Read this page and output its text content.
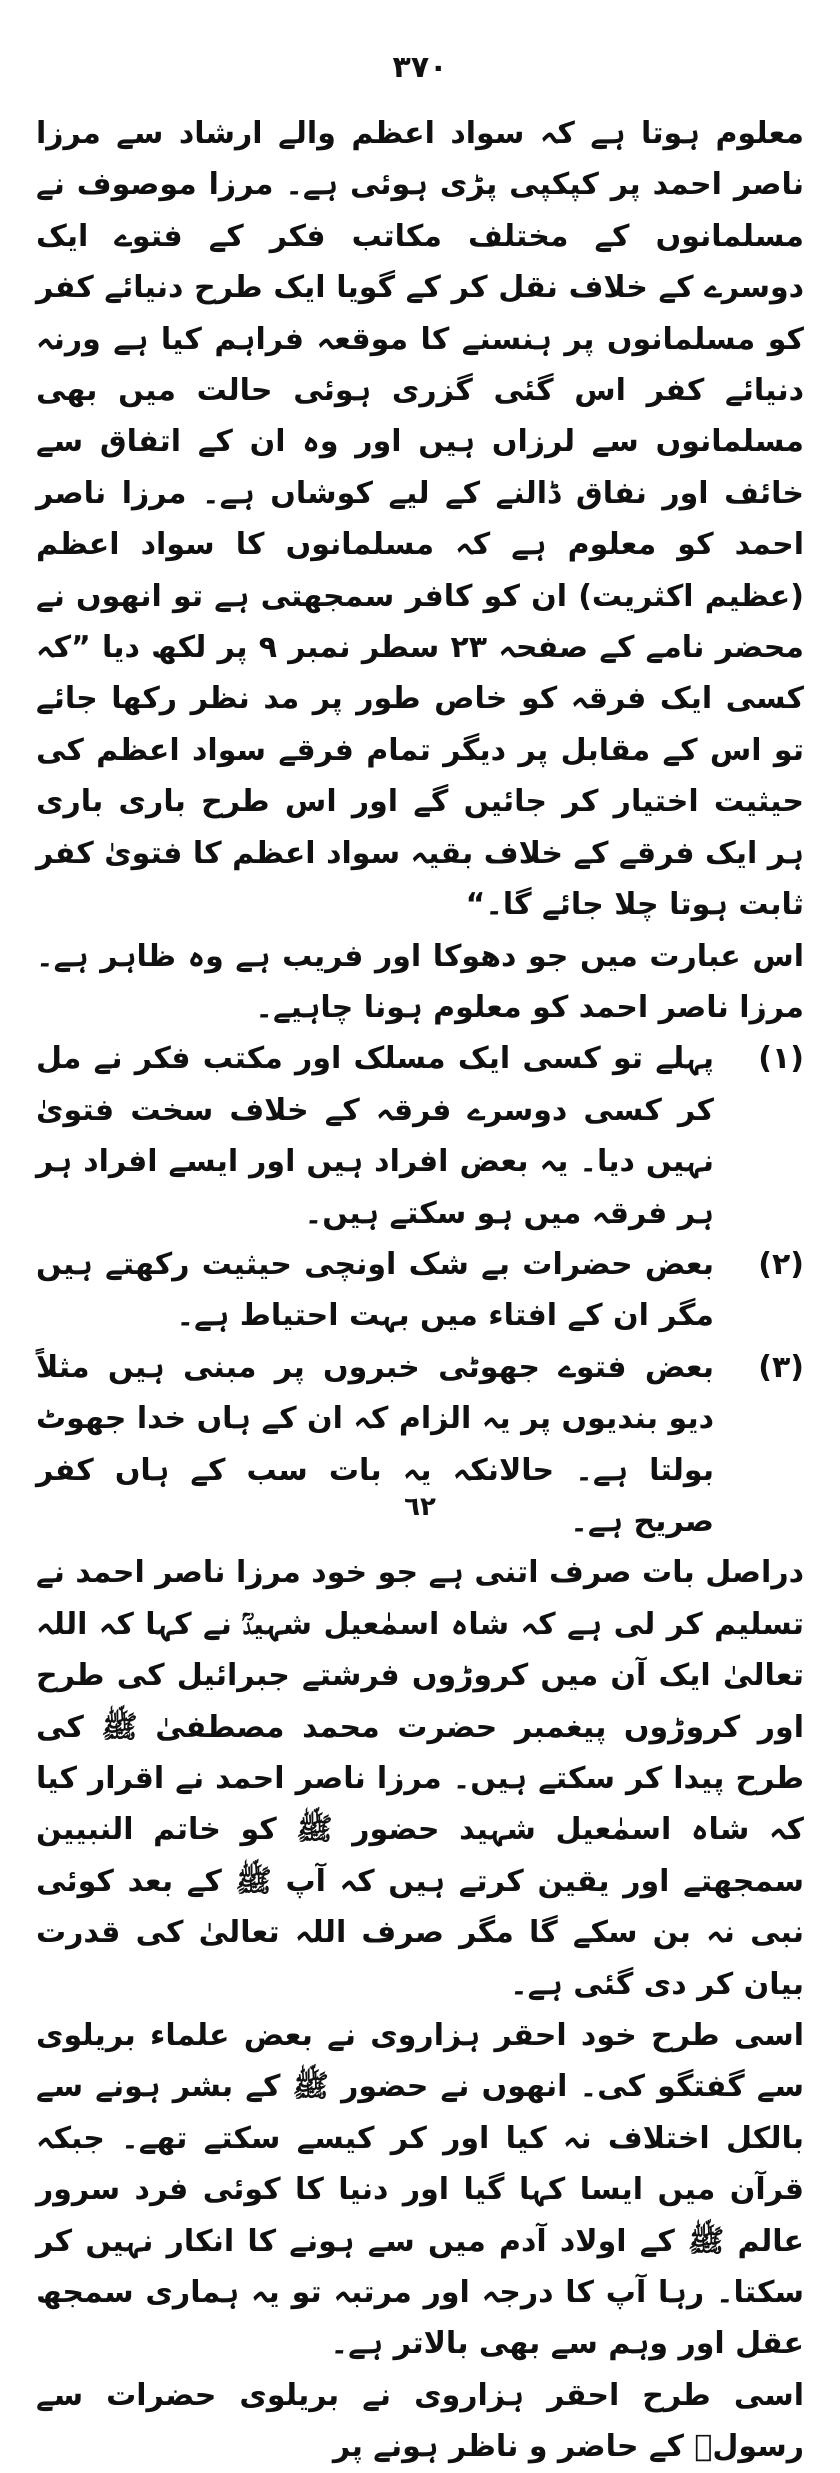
٣٧٠

معلوم ہوتا ہے کہ سواد اعظم والے ارشاد سے مرزا ناصر احمد پر کپکپی پڑی ہوئی ہے۔ مرزا موصوف نے مسلمانوں کے مختلف مکاتب فکر کے فتوے ایک دوسرے کے خلاف نقل کر کے گویا ایک طرح دنیائے کفر کو مسلمانوں پر ہنسنے کا موقعہ فراہم کیا ہے ورنہ دنیائے کفر اس گئی گزری ہوئی حالت میں بھی مسلمانوں سے لرزاں ہیں اور وہ ان کے اتفاق سے خائف اور نفاق ڈالنے کے لیے کوشاں ہے۔ مرزا ناصر احمد کو معلوم ہے کہ مسلمانوں کا سواد اعظم (عظیم اکثریت) ان کو کافر سمجھتی ہے تو انھوں نے محضر نامے کے صفحہ ۲۳ سطر نمبر ۹ پر لکھ دیا ”کہ کسی ایک فرقہ کو خاص طور پر مد نظر رکھا جائے تو اس کے مقابل پر دیگر تمام فرقے سواد اعظم کی حیثیت اختیار کر جائیں گے اور اس طرح باری باری ہر ایک فرقے کے خلاف بقیہ سواد اعظم کا فتویٰ کفر ثابت ہوتا چلا جائے گا۔“

اس عبارت میں جو دھوکا اور فریب ہے وہ ظاہر ہے۔ مرزا ناصر احمد کو معلوم ہونا چاہیے۔

(۱)
پہلے تو کسی ایک مسلک اور مکتب فکر نے مل کر کسی دوسرے فرقہ کے خلاف سخت فتویٰ نہیں دیا۔ یہ بعض افراد ہیں اور ایسے افراد ہر ہر فرقہ میں ہو سکتے ہیں۔
(۲)
بعض حضرات بے شک اونچی حیثیت رکھتے ہیں مگر ان کے افتاء میں بہت احتیاط ہے۔
(۳)
بعض فتوے جھوٹی خبروں پر مبنی ہیں مثلاً دیو بندیوں پر یہ الزام کہ ان کے ہاں خدا جھوٹ بولتا ہے۔ حالانکہ یہ بات سب کے ہاں کفر صریح ہے۔

دراصل بات صرف اتنی ہے جو خود مرزا ناصر احمد نے تسلیم کر لی ہے کہ شاہ اسمٰعیل شہیدؒ نے کہا کہ اللہ تعالیٰ ایک آن میں کروڑوں فرشتے جبرائیل کی طرح اور کروڑوں پیغمبر حضرت محمد مصطفیٰ ﷺ کی طرح پیدا کر سکتے ہیں۔ مرزا ناصر احمد نے اقرار کیا کہ شاہ اسمٰعیل شہید حضور ﷺ کو خاتم النبیین سمجھتے اور یقین کرتے ہیں کہ آپ ﷺ کے بعد کوئی نبی نہ بن سکے گا مگر صرف اللہ تعالیٰ کی قدرت بیان کر دی گئی ہے۔

اسی طرح خود احقر ہزاروی نے بعض علماء بریلوی سے گفتگو کی۔ انھوں نے حضور ﷺ کے بشر ہونے سے بالکل اختلاف نہ کیا اور کر کیسے سکتے تھے۔ جبکہ قرآن میں ایسا کہا گیا اور دنیا کا کوئی فرد سرور عالم ﷺ کے اولاد آدم میں سے ہونے کا انکار نہیں کر سکتا۔ رہا آپ کا درجہ اور مرتبہ تو یہ ہماری سمجھ عقل اور وہم سے بھی بالاتر ہے۔

اسی طرح احقر ہزاروی نے بریلوی حضرات سے رسولؐ کے حاضر و ناظر ہونے پر

٦٢
